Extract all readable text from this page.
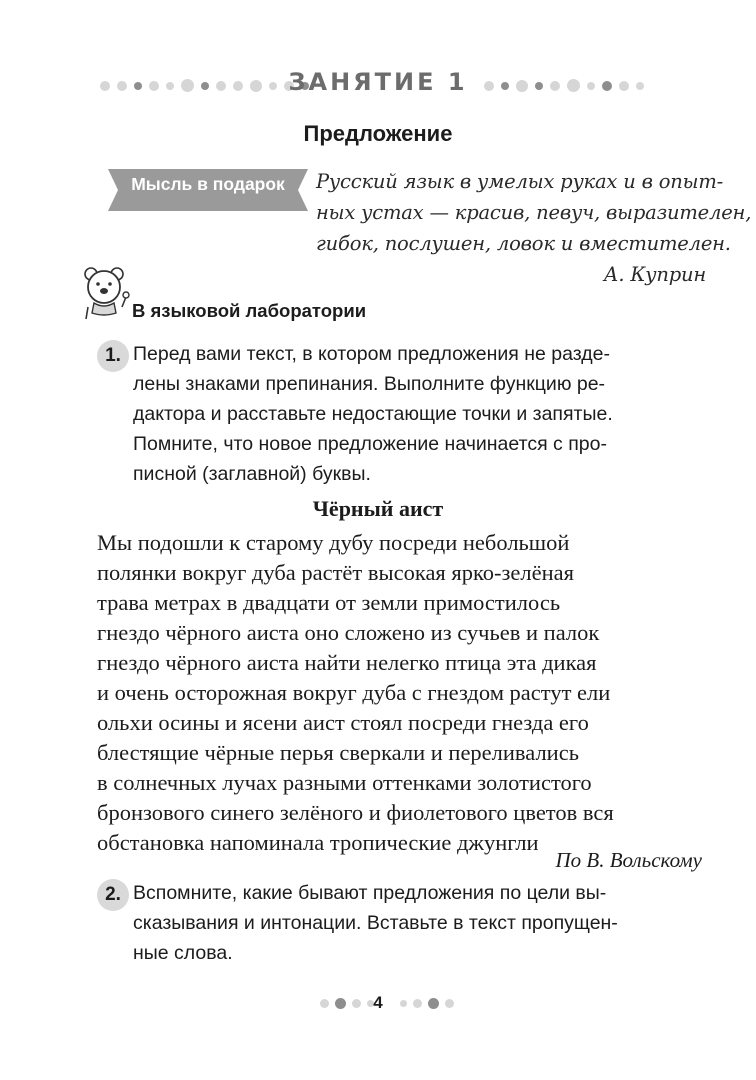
ЗАНЯТИЕ 1
Предложение
Мысль в подарок	Русский язык в умелых руках и в опыт-
ных устах — красив, певуч, выразителен,
гибок, послушен, ловок и вместителен.
А. Куприн
В языковой лаборатории
1. Перед вами текст, в котором предложения не разде-
лены знаками препинания. Выполните функцию ре-
дактора и расставьте недостающие точки и запятые.
Помните, что новое предложение начинается с про-
писной (заглавной) буквы.
Чёрный аист
Мы подошли к старому дубу посреди небольшой
полянки вокруг дуба растёт высокая ярко-зелёная
трава метрах в двадцати от земли примостилось
гнездо чёрного аиста оно сложено из сучьев и палок
гнездо чёрного аиста найти нелегко птица эта дикая
и очень осторожная вокруг дуба с гнездом растут ели
ольхи осины и ясени аист стоял посреди гнезда его
блестящие чёрные перья сверкали и переливались
в солнечных лучах разными оттенками золотистого
бронзового синего зелёного и фиолетового цветов вся
обстановка напоминала тропические джунгли
По В. Вольскому
2. Вспомните, какие бывают предложения по цели вы-
сказывания и интонации. Вставьте в текст пропущен-
ные слова.
4
